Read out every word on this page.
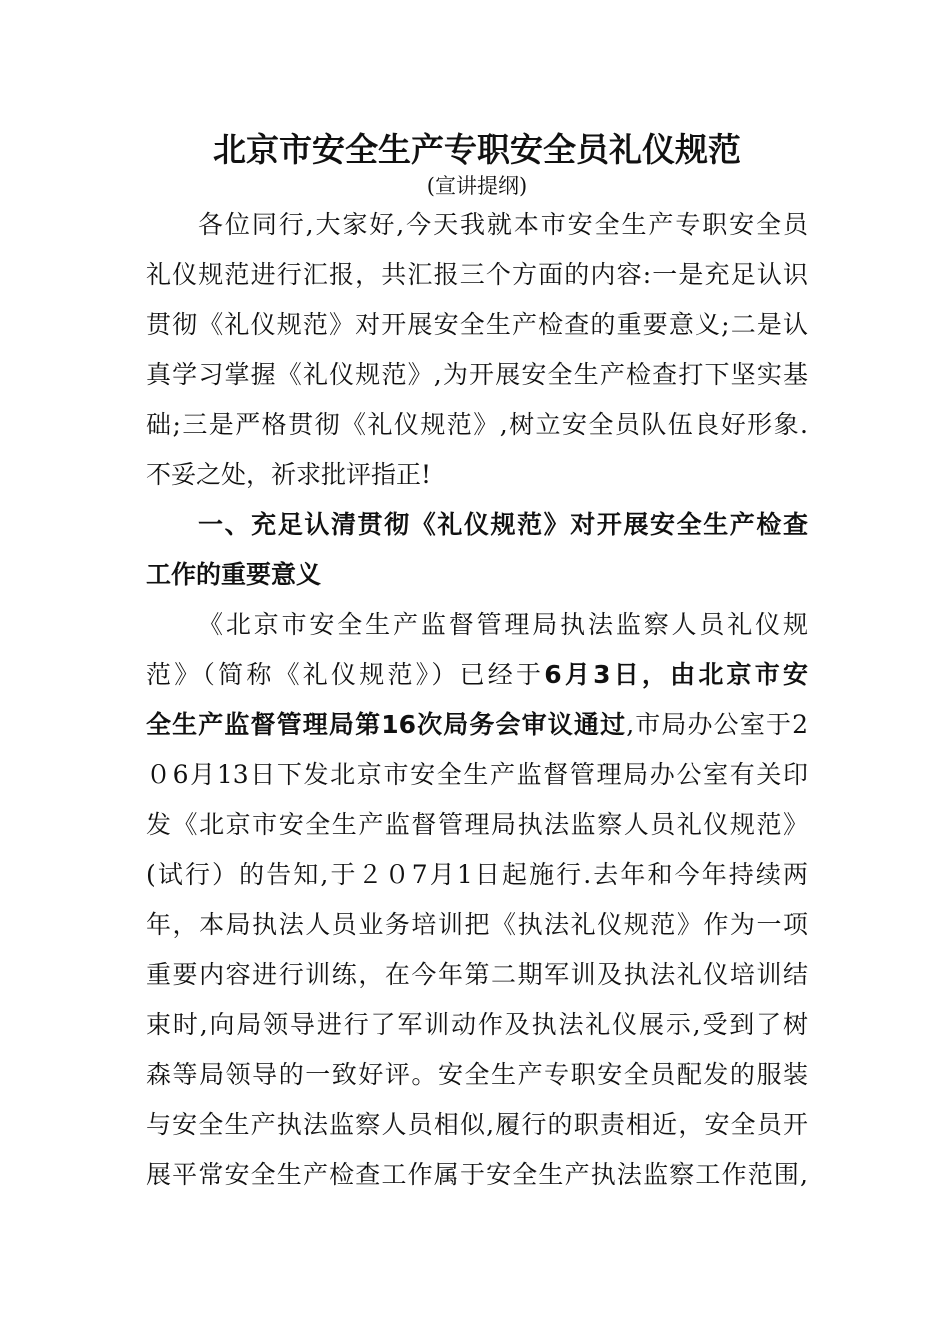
北京市安全生产专职安全员礼仪规范
(宣讲提纲)
各位同行,大家好,今天我就本市安全生产专职安全员
礼仪规范进行汇报，共汇报三个方面的内容:一是充足认识
贯彻《礼仪规范》对开展安全生产检查的重要意义;二是认
真学习掌握《礼仪规范》,为开展安全生产检查打下坚实基
础;三是严格贯彻《礼仪规范》,树立安全员队伍良好形象.
不妥之处，祈求批评指正!
一、充足认清贯彻《礼仪规范》对开展安全生产检查
工作的重要意义
《北京市安全生产监督管理局执法监察人员礼仪规
范》（简称《礼仪规范》）已经于6月3日，由北京市安
全生产监督管理局第16次局务会审议通过,市局办公室于2
０6月13日下发北京市安全生产监督管理局办公室有关印
发《北京市安全生产监督管理局执法监察人员礼仪规范》
(试行）的告知,于２０7月1日起施行.去年和今年持续两
年，本局执法人员业务培训把《执法礼仪规范》作为一项
重要内容进行训练，在今年第二期军训及执法礼仪培训结
束时,向局领导进行了军训动作及执法礼仪展示,受到了树
森等局领导的一致好评。安全生产专职安全员配发的服装
与安全生产执法监察人员相似,履行的职责相近，安全员开
展平常安全生产检查工作属于安全生产执法监察工作范围,
